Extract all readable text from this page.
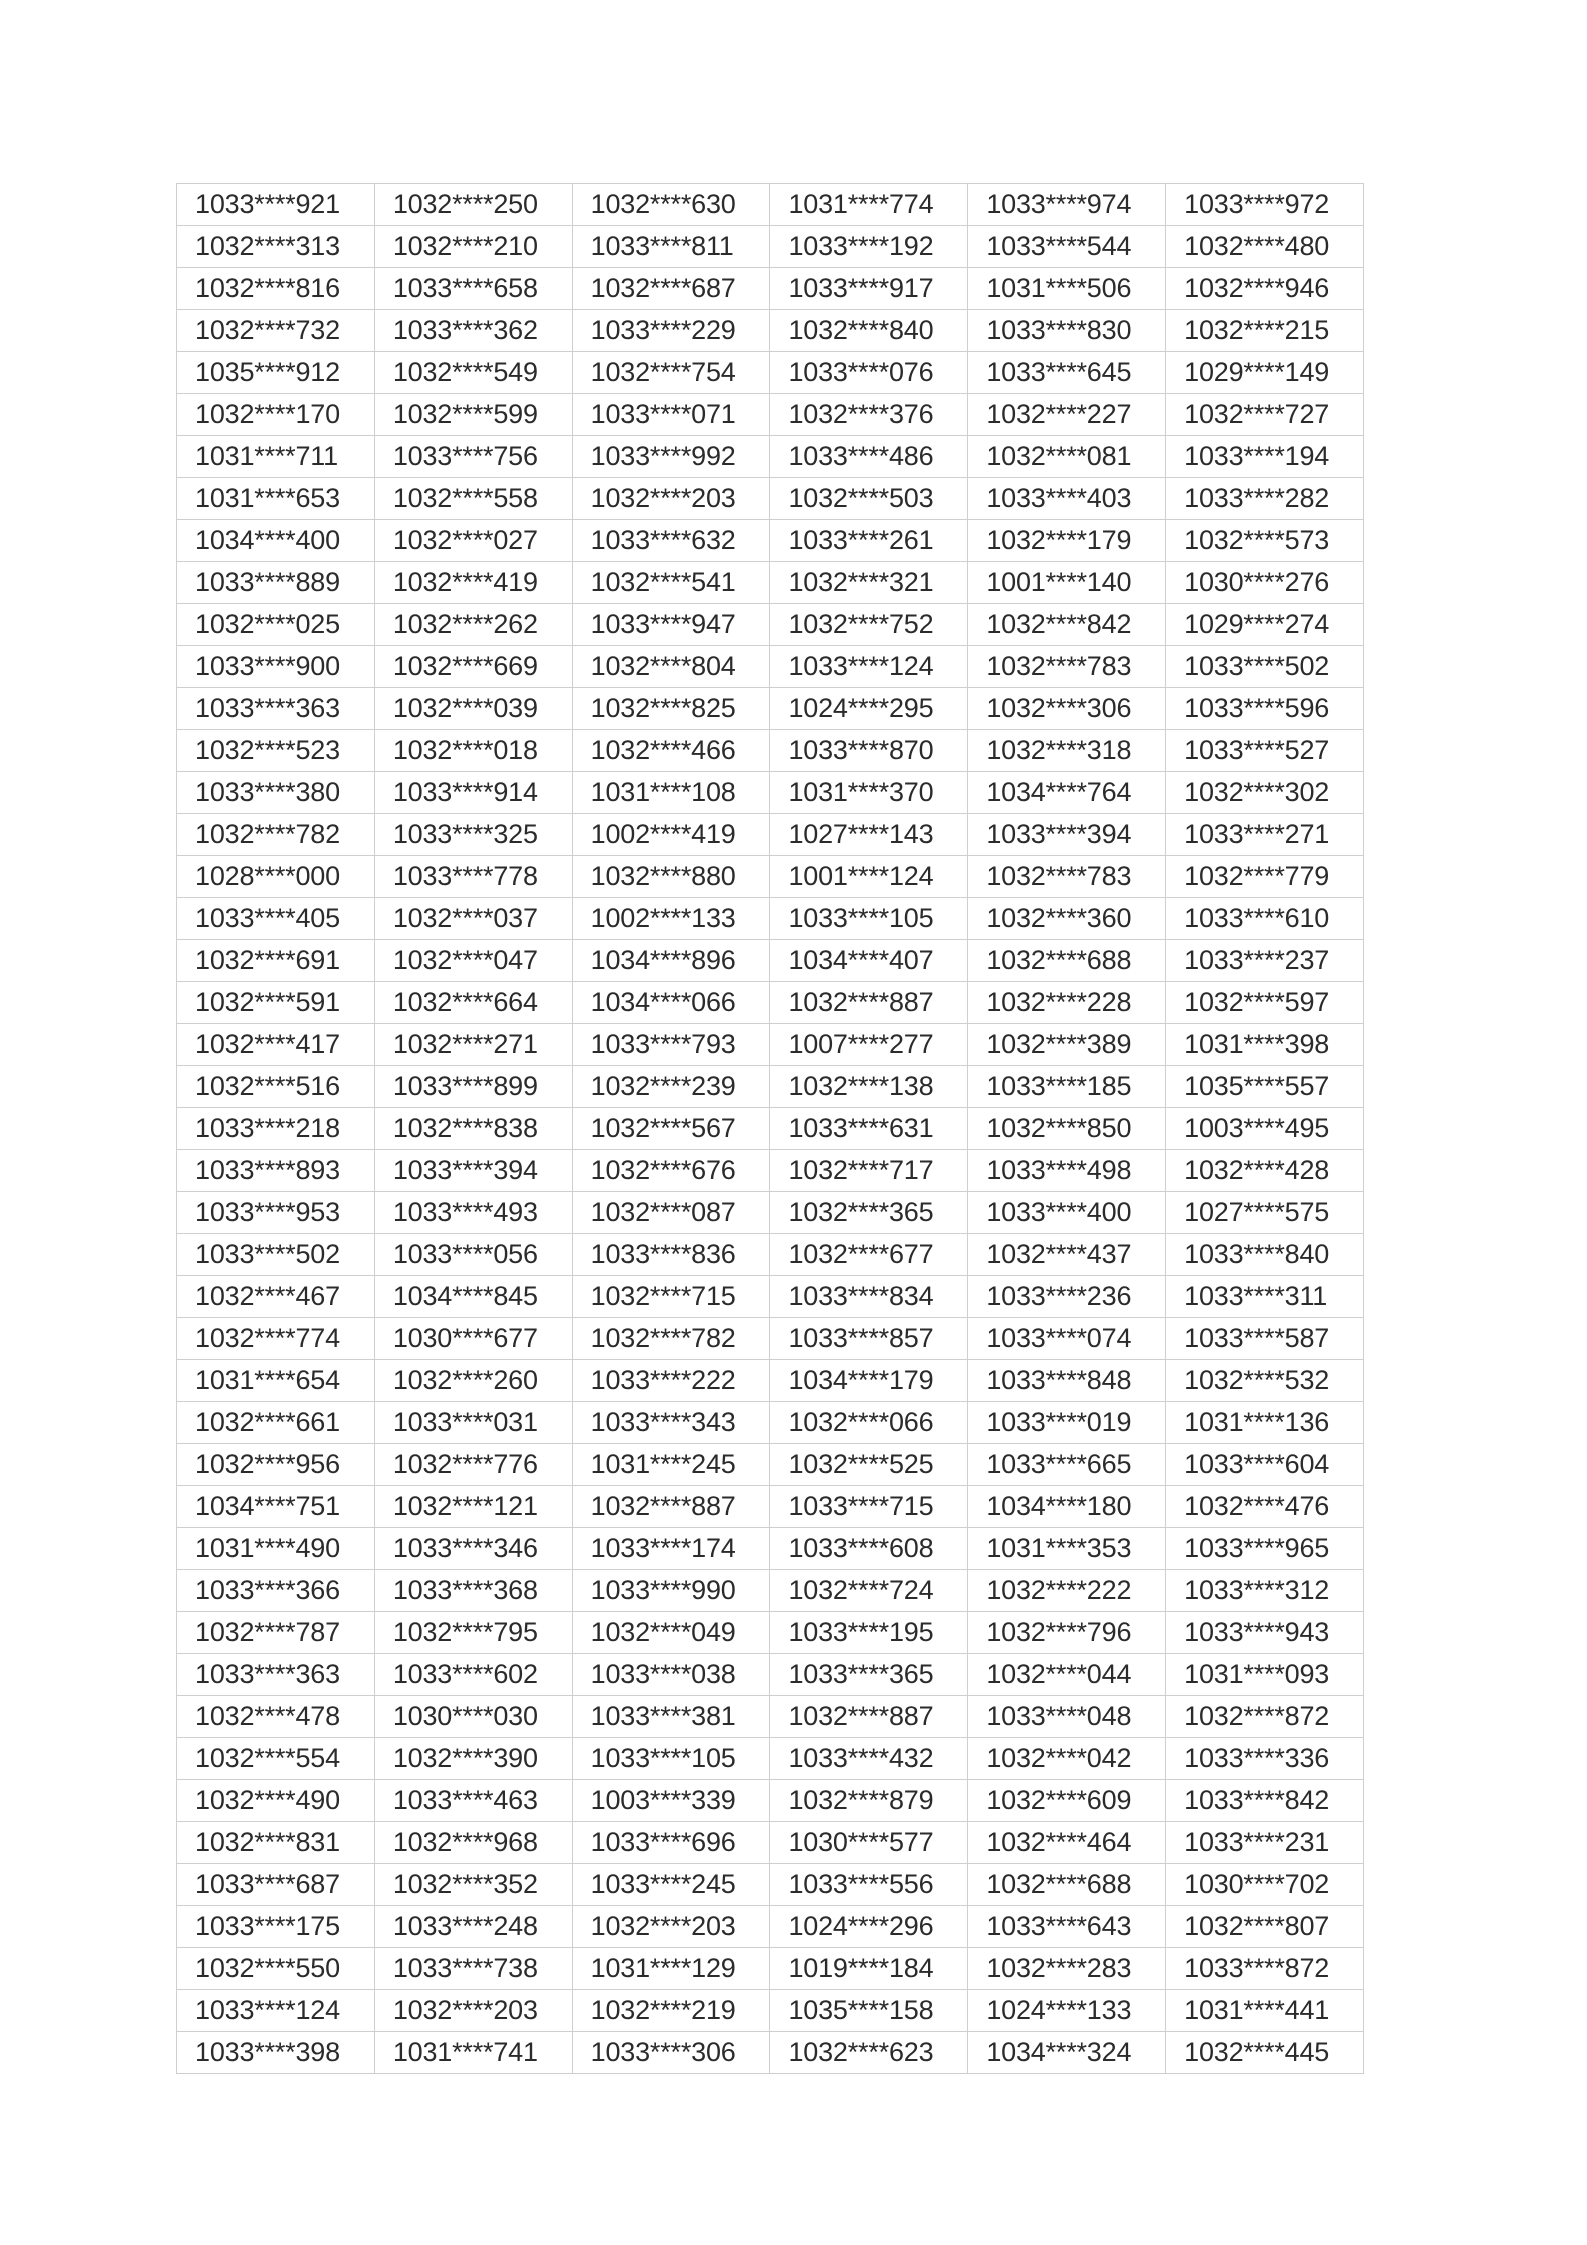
1033****921	1032****250	1032****630	1031****774	1033****974	1033****972
1032****313	1032****210	1033****811	1033****192	1033****544	1032****480
1032****816	1033****658	1032****687	1033****917	1031****506	1032****946
1032****732	1033****362	1033****229	1032****840	1033****830	1032****215
1035****912	1032****549	1032****754	1033****076	1033****645	1029****149
1032****170	1032****599	1033****071	1032****376	1032****227	1032****727
1031****711	1033****756	1033****992	1033****486	1032****081	1033****194
1031****653	1032****558	1032****203	1032****503	1033****403	1033****282
1034****400	1032****027	1033****632	1033****261	1032****179	1032****573
1033****889	1032****419	1032****541	1032****321	1001****140	1030****276
1032****025	1032****262	1033****947	1032****752	1032****842	1029****274
1033****900	1032****669	1032****804	1033****124	1032****783	1033****502
1033****363	1032****039	1032****825	1024****295	1032****306	1033****596
1032****523	1032****018	1032****466	1033****870	1032****318	1033****527
1033****380	1033****914	1031****108	1031****370	1034****764	1032****302
1032****782	1033****325	1002****419	1027****143	1033****394	1033****271
1028****000	1033****778	1032****880	1001****124	1032****783	1032****779
1033****405	1032****037	1002****133	1033****105	1032****360	1033****610
1032****691	1032****047	1034****896	1034****407	1032****688	1033****237
1032****591	1032****664	1034****066	1032****887	1032****228	1032****597
1032****417	1032****271	1033****793	1007****277	1032****389	1031****398
1032****516	1033****899	1032****239	1032****138	1033****185	1035****557
1033****218	1032****838	1032****567	1033****631	1032****850	1003****495
1033****893	1033****394	1032****676	1032****717	1033****498	1032****428
1033****953	1033****493	1032****087	1032****365	1033****400	1027****575
1033****502	1033****056	1033****836	1032****677	1032****437	1033****840
1032****467	1034****845	1032****715	1033****834	1033****236	1033****311
1032****774	1030****677	1032****782	1033****857	1033****074	1033****587
1031****654	1032****260	1033****222	1034****179	1033****848	1032****532
1032****661	1033****031	1033****343	1032****066	1033****019	1031****136
1032****956	1032****776	1031****245	1032****525	1033****665	1033****604
1034****751	1032****121	1032****887	1033****715	1034****180	1032****476
1031****490	1033****346	1033****174	1033****608	1031****353	1033****965
1033****366	1033****368	1033****990	1032****724	1032****222	1033****312
1032****787	1032****795	1032****049	1033****195	1032****796	1033****943
1033****363	1033****602	1033****038	1033****365	1032****044	1031****093
1032****478	1030****030	1033****381	1032****887	1033****048	1032****872
1032****554	1032****390	1033****105	1033****432	1032****042	1033****336
1032****490	1033****463	1003****339	1032****879	1032****609	1033****842
1032****831	1032****968	1033****696	1030****577	1032****464	1033****231
1033****687	1032****352	1033****245	1033****556	1032****688	1030****702
1033****175	1033****248	1032****203	1024****296	1033****643	1032****807
1032****550	1033****738	1031****129	1019****184	1032****283	1033****872
1033****124	1032****203	1032****219	1035****158	1024****133	1031****441
1033****398	1031****741	1033****306	1032****623	1034****324	1032****445
